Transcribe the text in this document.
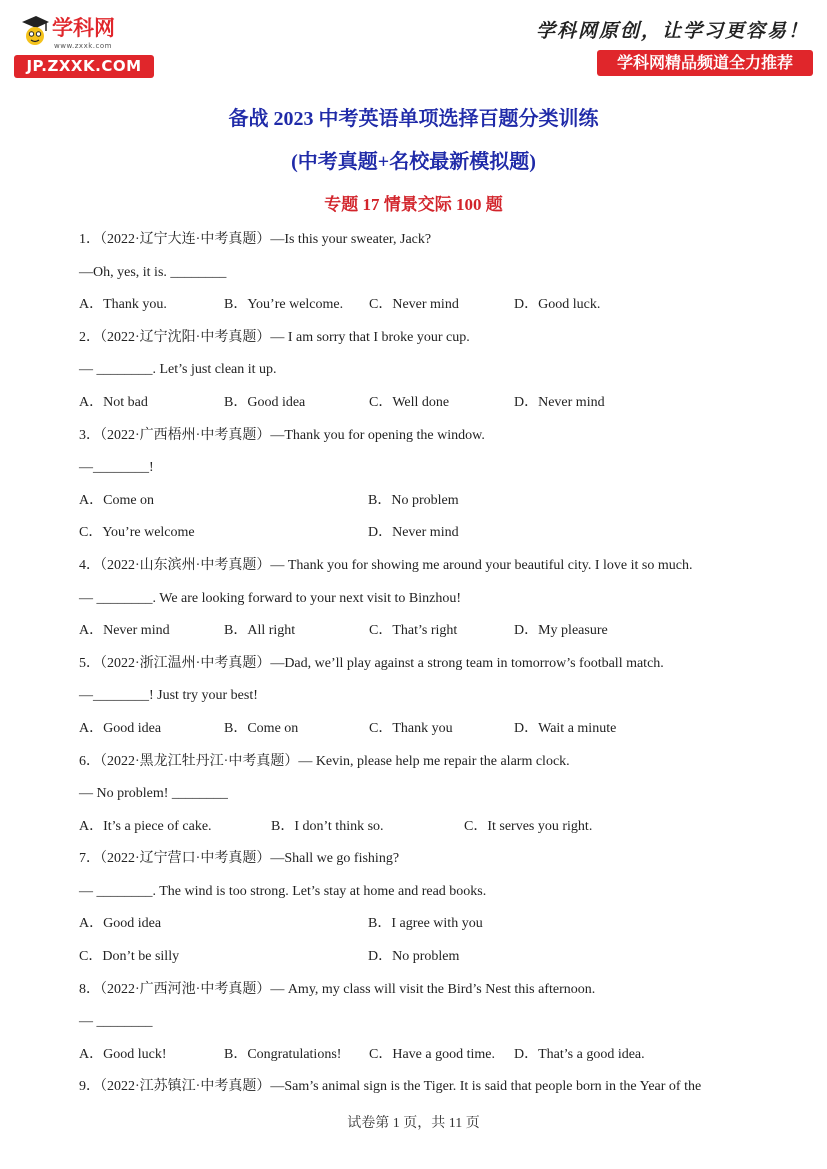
学科网
www.zxxk.com
JP.ZXXK.COM
学科网原创，让学习更容易！
学科网精品频道全力推荐
备战 2023 中考英语单项选择百题分类训练
(中考真题+名校最新模拟题)
专题 17 情景交际 100 题
1．（2022·辽宁大连·中考真题）—Is this your sweater, Jack?
—Oh, yes, it is. ________
A．Thank you.	B．You’re welcome.	C．Never mind	D．Good luck.
2．（2022·辽宁沈阳·中考真题）— I am sorry that I broke your cup.
— ________. Let’s just clean it up.
A．Not bad	B．Good idea	C．Well done	D．Never mind
3．（2022·广西梧州·中考真题）—Thank you for opening the window.
—________!
A．Come on	B．No problem
C．You’re welcome	D．Never mind
4．（2022·山东滨州·中考真题）— Thank you for showing me around your beautiful city. I love it so much.
— ________. We are looking forward to your next visit to Binzhou!
A．Never mind	B．All right	C．That’s right	D．My pleasure
5．（2022·浙江温州·中考真题）—Dad, we’ll play against a strong team in tomorrow’s football match.
—________! Just try your best!
A．Good idea	B．Come on	C．Thank you	D．Wait a minute
6．（2022·黑龙江牡丹江·中考真题）— Kevin, please help me repair the alarm clock.
— No problem! ________
A．It’s a piece of cake.	B．I don’t think so.	C．It serves you right.
7．（2022·辽宁营口·中考真题）—Shall we go fishing?
— ________. The wind is too strong. Let’s stay at home and read books.
A．Good idea	B．I agree with you
C．Don’t be silly	D．No problem
8．（2022·广西河池·中考真题）— Amy, my class will visit the Bird’s Nest this afternoon.
— ________
A．Good luck!	B．Congratulations!	C．Have a good time.	D．That’s a good idea.
9．（2022·江苏镇江·中考真题）—Sam’s animal sign is the Tiger. It is said that people born in the Year of the
试卷第 1 页，共 11 页
